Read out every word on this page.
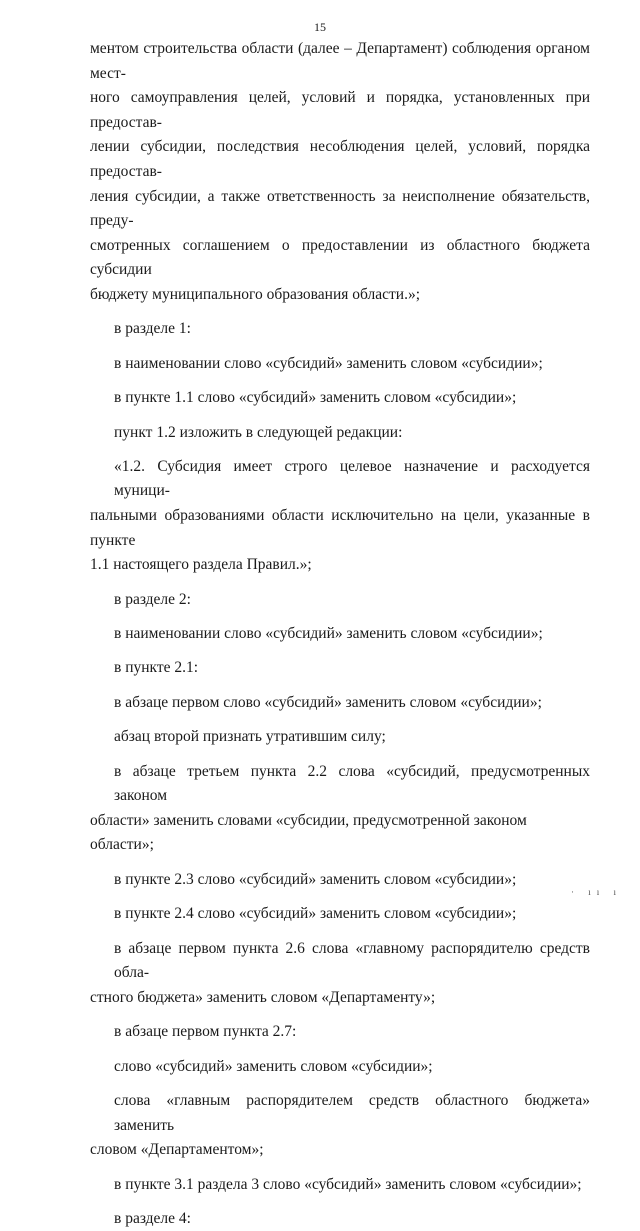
15

ментом строительства области (далее – Департамент) соблюдения органом мест-

ного самоуправления целей, условий и порядка, установленных при предостав-

лении субсидии, последствия несоблюдения целей, условий, порядка предостав-

ления субсидии, а также ответственность за неисполнение обязательств, преду-

смотренных соглашением о предоставлении из областного бюджета субсидии

бюджету муниципального образования области.»;

в разделе 1:

в наименовании слово «субсидий» заменить словом «субсидии»;

в пункте 1.1 слово «субсидий» заменить словом «субсидии»;

пункт 1.2 изложить в следующей редакции:

«1.2. Субсидия имеет строго целевое назначение и расходуется муници-

пальными образованиями области исключительно на цели, указанные в пункте

1.1 настоящего раздела Правил.»;

в разделе 2:

в наименовании слово «субсидий» заменить словом «субсидии»;

в пункте 2.1:

в абзаце первом слово «субсидий» заменить словом «субсидии»;

абзац второй признать утратившим силу;

в абзаце третьем пункта 2.2 слова «субсидий, предусмотренных законом

области» заменить словами «субсидии, предусмотренной законом области»;

в пункте 2.3 слово «субсидий» заменить словом «субсидии»;

в пункте 2.4 слово «субсидий» заменить словом «субсидии»;

в абзаце первом пункта 2.6 слова «главному распорядителю средств обла-

стного бюджета» заменить словом «Департаменту»;

в абзаце первом пункта 2.7:

слово «субсидий» заменить словом «субсидии»;

слова «главным распорядителем средств областного бюджета» заменить

словом «Департаментом»;

в пункте 3.1 раздела 3 слово «субсидий» заменить словом «субсидии»;

в разделе 4:

· ıı ı
